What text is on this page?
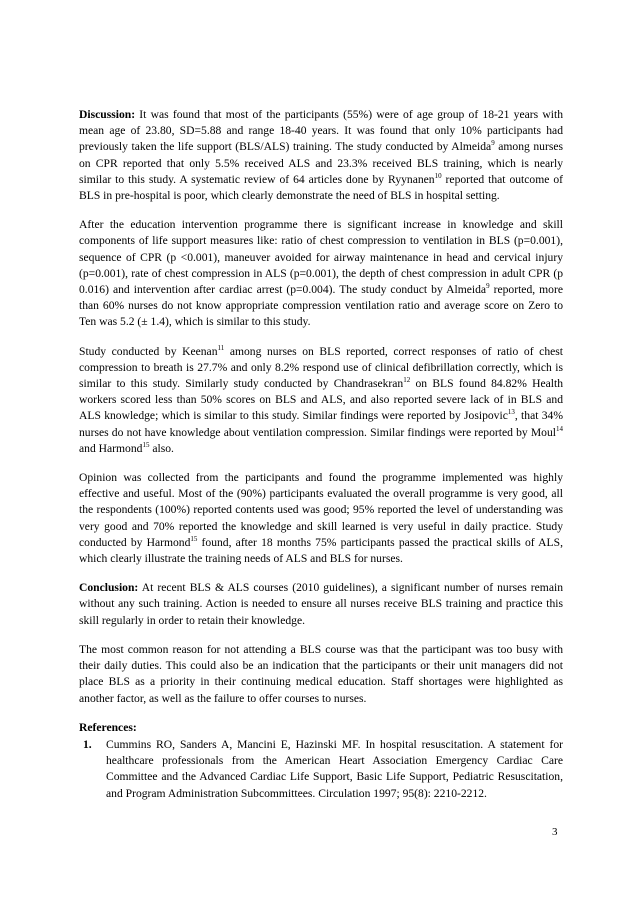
Discussion: It was found that most of the participants (55%) were of age group of 18-21 years with mean age of 23.80, SD=5.88 and range 18-40 years. It was found that only 10% participants had previously taken the life support (BLS/ALS) training. The study conducted by Almeida$^9$ among nurses on CPR reported that only 5.5% received ALS and 23.3% received BLS training, which is nearly similar to this study. A systematic review of 64 articles done by Ryynanen$^{10}$ reported that outcome of BLS in pre-hospital is poor, which clearly demonstrate the need of BLS in hospital setting.

After the education intervention programme there is significant increase in knowledge and skill components of life support measures like: ratio of chest compression to ventilation in BLS (p=0.001), sequence of CPR (p <0.001), maneuver avoided for airway maintenance in head and cervical injury (p=0.001), rate of chest compression in ALS (p=0.001), the depth of chest compression in adult CPR (p 0.016) and intervention after cardiac arrest (p=0.004). The study conduct by Almeida$^9$ reported, more than 60% nurses do not know appropriate compression ventilation ratio and average score on Zero to Ten was 5.2 (± 1.4), which is similar to this study.

Study conducted by Keenan$^{11}$ among nurses on BLS reported, correct responses of ratio of chest compression to breath is 27.7% and only 8.2% respond use of clinical defibrillation correctly, which is similar to this study. Similarly study conducted by Chandrasekran$^{12}$ on BLS found 84.82% Health workers scored less than 50% scores on BLS and ALS, and also reported severe lack of in BLS and ALS knowledge; which is similar to this study. Similar findings were reported by Josipovic$^{13}$, that 34% nurses do not have knowledge about ventilation compression. Similar findings were reported by Moul$^{14}$ and Harmond$^{15}$ also.

Opinion was collected from the participants and found the programme implemented was highly effective and useful. Most of the (90%) participants evaluated the overall programme is very good, all the respondents (100%) reported contents used was good; 95% reported the level of understanding was very good and 70% reported the knowledge and skill learned is very useful in daily practice. Study conducted by Harmond$^{15}$ found, after 18 months 75% participants passed the practical skills of ALS, which clearly illustrate the training needs of ALS and BLS for nurses.

Conclusion: At recent BLS & ALS courses (2010 guidelines), a significant number of nurses remain without any such training. Action is needed to ensure all nurses receive BLS training and practice this skill regularly in order to retain their knowledge.

The most common reason for not attending a BLS course was that the participant was too busy with their daily duties. This could also be an indication that the participants or their unit managers did not place BLS as a priority in their continuing medical education. Staff shortages were highlighted as another factor, as well as the failure to offer courses to nurses.

References:
1. Cummins RO, Sanders A, Mancini E, Hazinski MF. In hospital resuscitation. A statement for healthcare professionals from the American Heart Association Emergency Cardiac Care Committee and the Advanced Cardiac Life Support, Basic Life Support, Pediatric Resuscitation, and Program Administration Subcommittees. Circulation 1997; 95(8): 2210-2212.
3
